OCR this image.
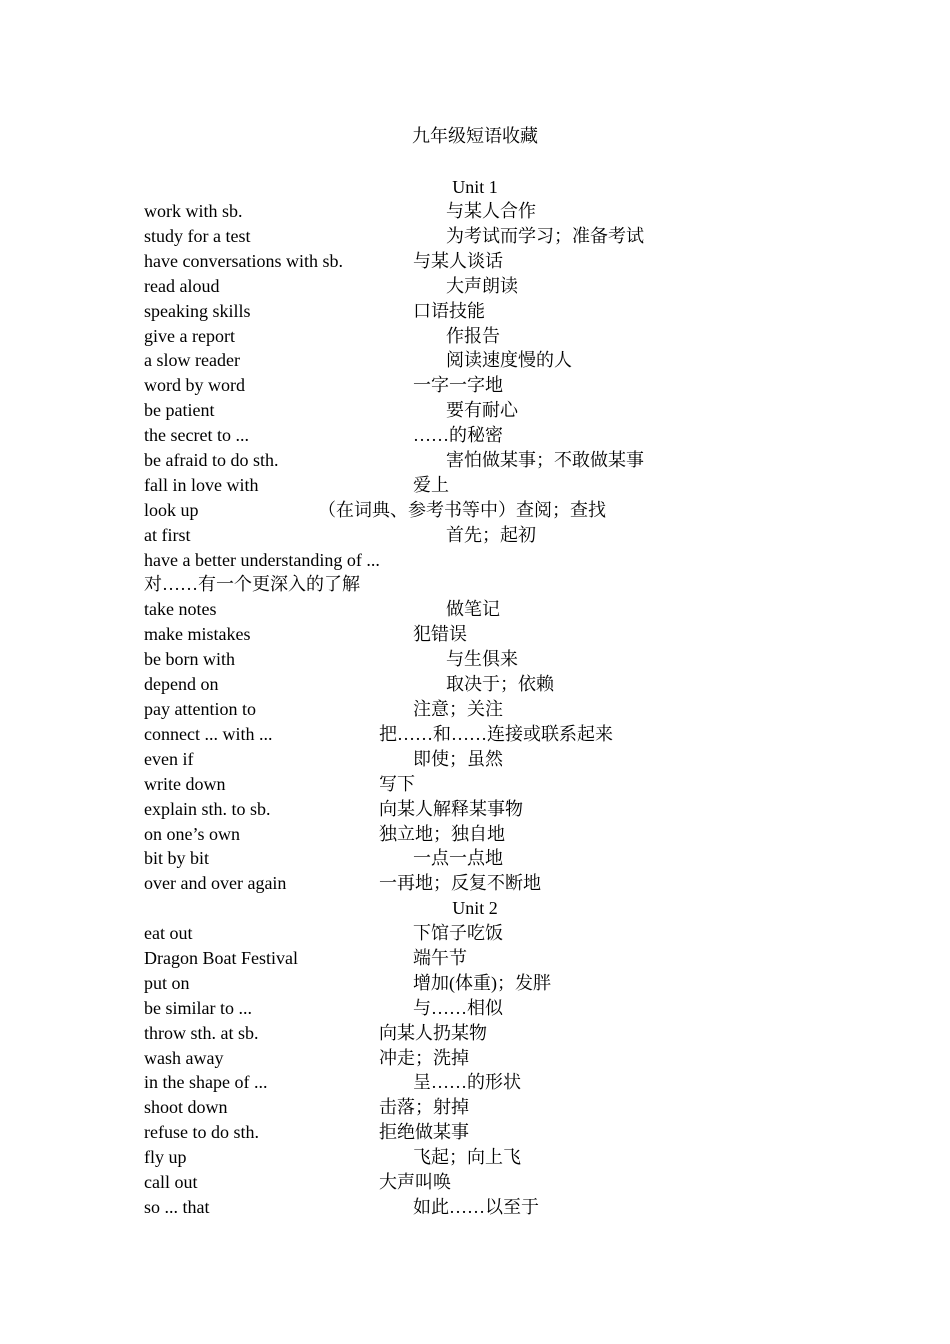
九年级短语收藏
Unit 1
Unit 2
work with sb.	与某人合作
study for a test	为考试而学习；准备考试
have conversations with sb.	与某人谈话
read aloud	大声朗读
speaking skills	口语技能
give a report	作报告
a slow reader	阅读速度慢的人
word by word	一字一字地
be patient	要有耐心
the secret to ...	……的秘密
be afraid to do sth.	害怕做某事；不敢做某事
fall in love with	爱上
look up	（在词典、参考书等中）查阅；查找
at first	首先；起初
have a better understanding of ...
对……有一个更深入的了解
take notes	做笔记
make mistakes	犯错误
be born with	与生俱来
depend on	取决于；依赖
pay attention to	注意；关注
connect ... with ...	把……和……连接或联系起来
even if	即使；虽然
write down	写下
explain sth. to sb.	向某人解释某事物
on one’s own	独立地；独自地
bit by bit	一点一点地
over and over again	一再地；反复不断地
eat out	下馆子吃饭
Dragon Boat Festival	端午节
put on	增加(体重)；发胖
be similar to ...	与……相似
throw sth. at sb.	向某人扔某物
wash away	冲走；洗掉
in the shape of ...	呈……的形状
shoot down	击落；射掉
refuse to do sth.	拒绝做某事
fly up	飞起；向上飞
call out	大声叫唤
so ... that	如此……以至于
